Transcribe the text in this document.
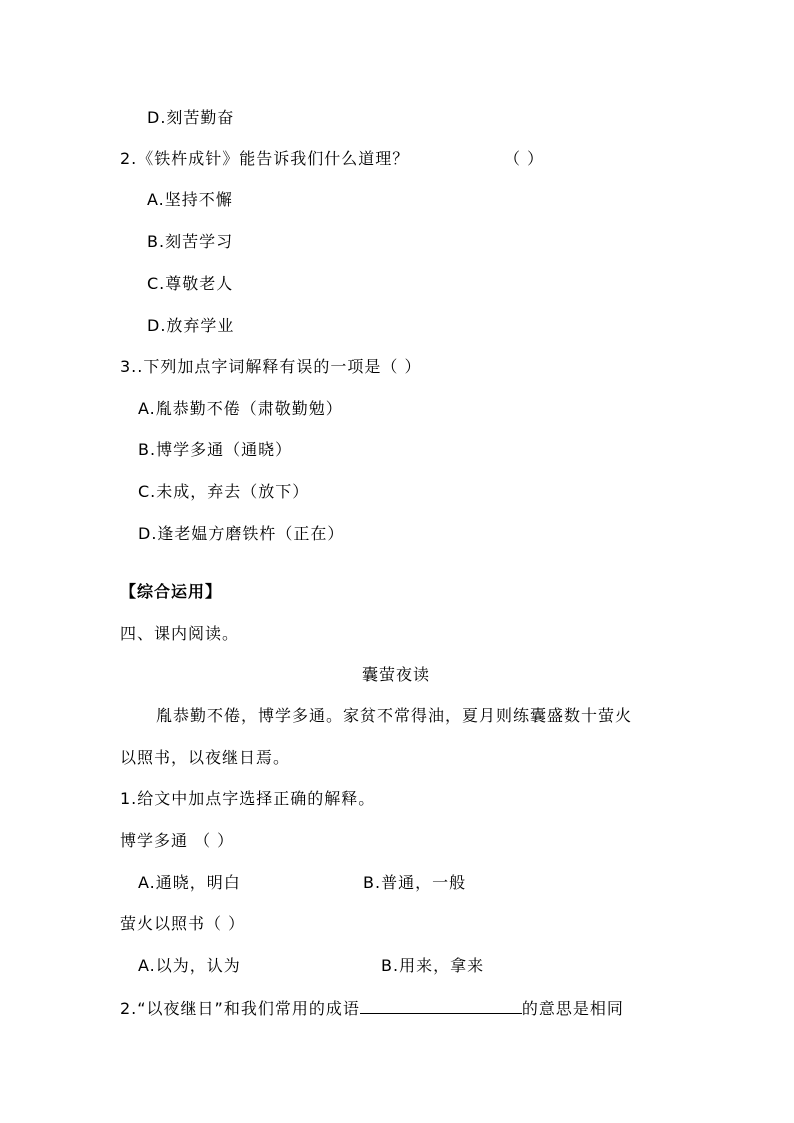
D.刻苦勤奋
2.《铁杵成针》能告诉我们什么道理？	（ ）
A.坚持不懈
B.刻苦学习
C.尊敬老人
D.放弃学业
3..下列加点字词解释有误的一项是（ ）
A.胤恭勤不倦（肃敬勤勉）
B.博学多通（通晓）
C.未成，弃去（放下）
D.逢老媪方磨铁杵（正在）
【综合运用】
四、课内阅读。
囊萤夜读
胤恭勤不倦，博学多通。家贫不常得油，夏月则练囊盛数十萤火
以照书，以夜继日焉。
1.给文中加点字选择正确的解释。
博学多通 （ ）
A.通晓，明白	B.普通，一般
萤火以照书（ ）
A.以为，认为	B.用来，拿来
2.“以夜继日”和我们常用的成语	的意思是相同
